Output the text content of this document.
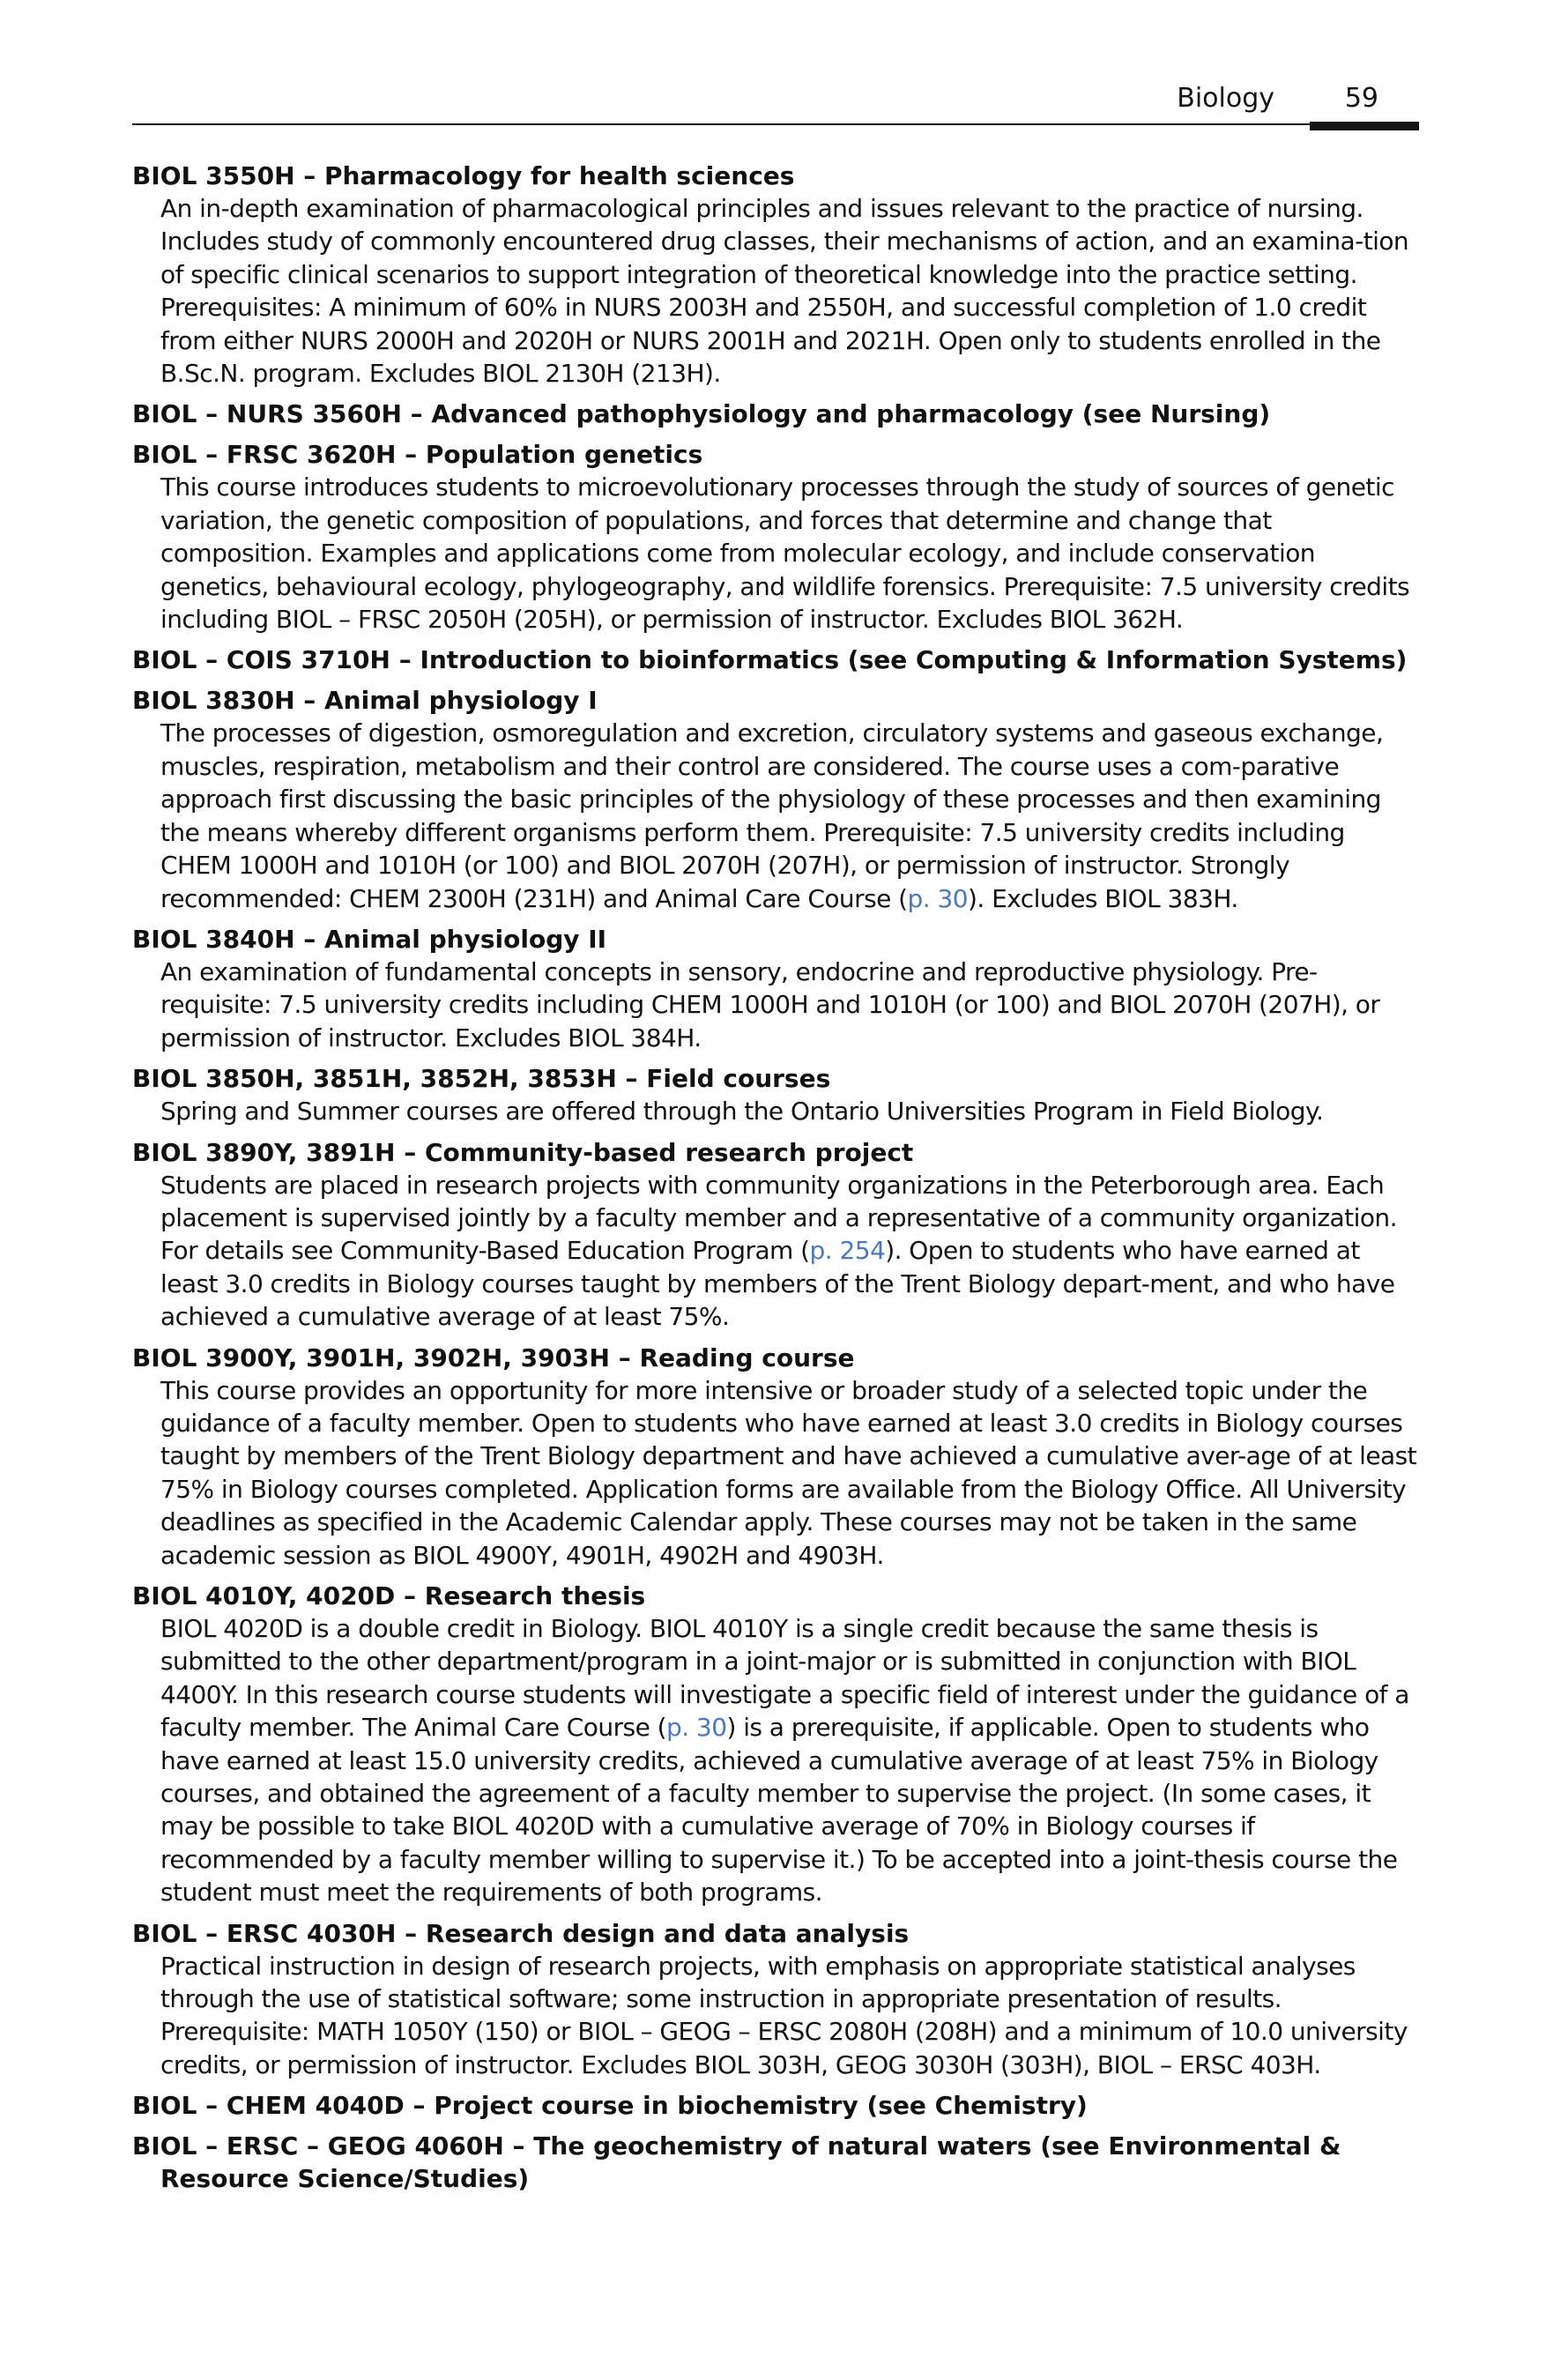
Biology	59

BIOL 3550H – Pharmacology for health sciences

An in-depth examination of pharmacological principles and issues relevant to the practice of nursing. Includes study of commonly encountered drug classes, their mechanisms of action, and an examina-tion of specific clinical scenarios to support integration of theoretical knowledge into the practice setting. Prerequisites: A minimum of 60% in NURS 2003H and 2550H, and successful completion of 1.0 credit from either NURS 2000H and 2020H or NURS 2001H and 2021H. Open only to students enrolled in the B.Sc.N. program. Excludes BIOL 2130H (213H).

BIOL – NURS 3560H – Advanced pathophysiology and pharmacology (see Nursing)

BIOL – FRSC 3620H – Population genetics

This course introduces students to microevolutionary processes through the study of sources of genetic variation, the genetic composition of populations, and forces that determine and change that composition. Examples and applications come from molecular ecology, and include conservation genetics, behavioural ecology, phylogeography, and wildlife forensics. Prerequisite: 7.5 university credits including BIOL – FRSC 2050H (205H), or permission of instructor. Excludes BIOL 362H.

BIOL – COIS 3710H – Introduction to bioinformatics (see Computing & Information Systems)

BIOL 3830H – Animal physiology I

The processes of digestion, osmoregulation and excretion, circulatory systems and gaseous exchange, muscles, respiration, metabolism and their control are considered. The course uses a com-parative approach first discussing the basic principles of the physiology of these processes and then examining the means whereby different organisms perform them. Prerequisite: 7.5 university credits including CHEM 1000H and 1010H (or 100) and BIOL 2070H (207H), or permission of instructor. Strongly recommended: CHEM 2300H (231H) and Animal Care Course (p. 30). Excludes BIOL 383H.

BIOL 3840H – Animal physiology II

An examination of fundamental concepts in sensory, endocrine and reproductive physiology. Pre-requisite: 7.5 university credits including CHEM 1000H and 1010H (or 100) and BIOL 2070H (207H), or permission of instructor. Excludes BIOL 384H.

BIOL 3850H, 3851H, 3852H, 3853H – Field courses

Spring and Summer courses are offered through the Ontario Universities Program in Field Biology.

BIOL 3890Y, 3891H – Community-based research project

Students are placed in research projects with community organizations in the Peterborough area. Each placement is supervised jointly by a faculty member and a representative of a community organization. For details see Community-Based Education Program (p. 254). Open to students who have earned at least 3.0 credits in Biology courses taught by members of the Trent Biology depart-ment, and who have achieved a cumulative average of at least 75%.

BIOL 3900Y, 3901H, 3902H, 3903H – Reading course

This course provides an opportunity for more intensive or broader study of a selected topic under the guidance of a faculty member. Open to students who have earned at least 3.0 credits in Biology courses taught by members of the Trent Biology department and have achieved a cumulative aver-age of at least 75% in Biology courses completed. Application forms are available from the Biology Office. All University deadlines as specified in the Academic Calendar apply. These courses may not be taken in the same academic session as BIOL 4900Y, 4901H, 4902H and 4903H.

BIOL 4010Y, 4020D – Research thesis

BIOL 4020D is a double credit in Biology. BIOL 4010Y is a single credit because the same thesis is submitted to the other department/program in a joint-major or is submitted in conjunction with BIOL 4400Y. In this research course students will investigate a specific field of interest under the guidance of a faculty member. The Animal Care Course (p. 30) is a prerequisite, if applicable. Open to students who have earned at least 15.0 university credits, achieved a cumulative average of at least 75% in Biology courses, and obtained the agreement of a faculty member to supervise the project. (In some cases, it may be possible to take BIOL 4020D with a cumulative average of 70% in Biology courses if recommended by a faculty member willing to supervise it.) To be accepted into a joint-thesis course the student must meet the requirements of both programs.

BIOL – ERSC 4030H – Research design and data analysis

Practical instruction in design of research projects, with emphasis on appropriate statistical analyses through the use of statistical software; some instruction in appropriate presentation of results. Prerequisite: MATH 1050Y (150) or BIOL – GEOG – ERSC 2080H (208H) and a minimum of 10.0 university credits, or permission of instructor. Excludes BIOL 303H, GEOG 3030H (303H), BIOL – ERSC 403H.

BIOL – CHEM 4040D – Project course in biochemistry (see Chemistry)

BIOL – ERSC – GEOG 4060H – The geochemistry of natural waters (see Environmental & Resource Science/Studies)
